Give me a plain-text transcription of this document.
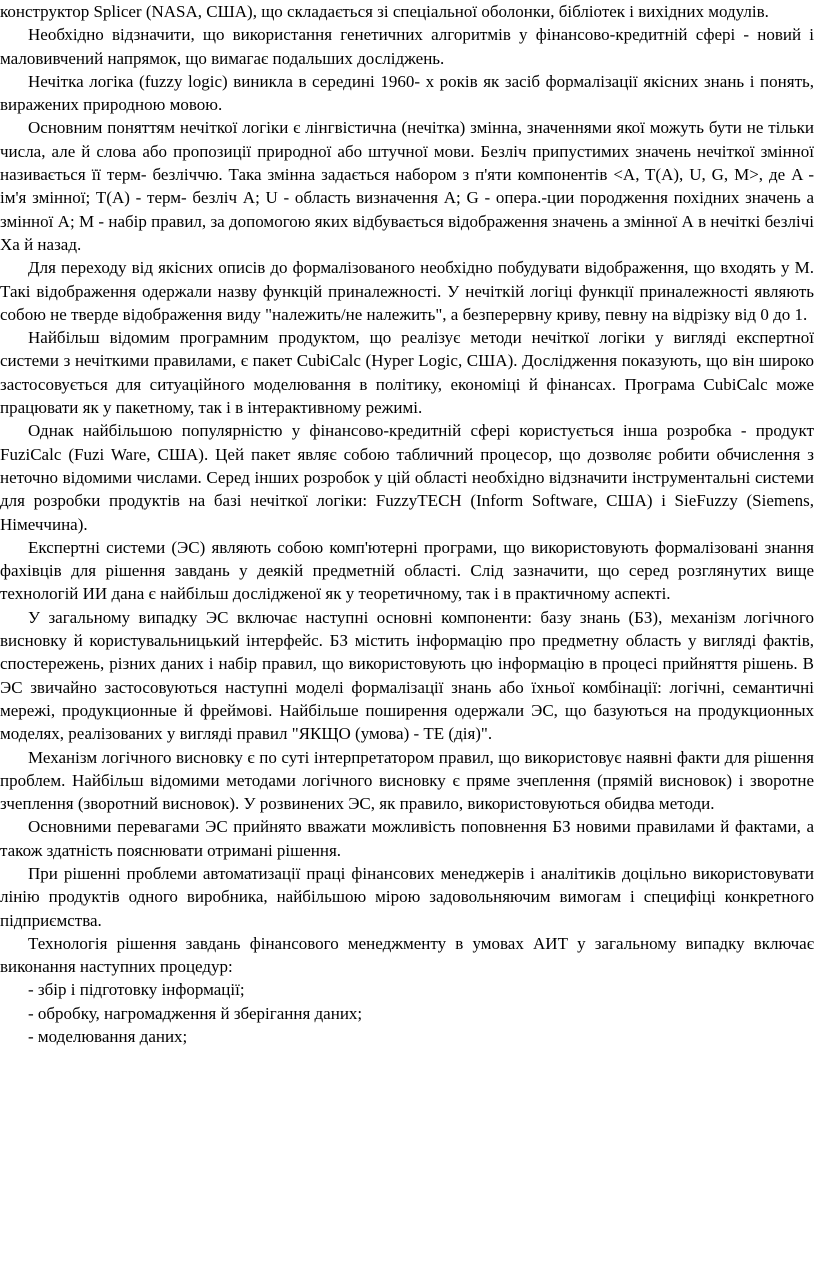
конструктор Splicer (NASA, США), що складається зі спеціальної оболонки, бібліотек і вихідних модулів.

Необхідно відзначити, що використання генетичних алгоритмів у фінансово-кредитній сфері - новий і маловивчений напрямок, що вимагає подальших досліджень.

Нечітка логіка (fuzzy logic) виникла в середині 1960- х років як засіб формалізації якісних знань і понять, виражених природною мовою.

Основним поняттям нечіткої логіки є лінгвістична (нечітка) змінна, значеннями якої можуть бути не тільки числа, але й слова або пропозиції природної або штучної мови. Безліч припустимих значень нечіткої змінної називається її терм- безліччю. Така змінна задається набором з п'яти компонентів <A, T(A), U, G, M>, де A - ім'я змінної; T(A) - терм- безліч A; U - область визначення A; G - опера.-ции породження похідних значень а змінної А; М - набір правил, за допомогою яких відбувається відображення значень а змінної А в нечіткі безлічі Ха й назад.

Для переходу від якісних описів до формалізованого необхідно побудувати відображення, що входять у М. Такі відображення одержали назву функцій приналежності. У нечіткій логіці функції приналежності являють собою не тверде відображення виду "належить/не належить", а безперервну криву, певну на відрізку від 0 до 1.

Найбільш відомим програмним продуктом, що реалізує методи нечіткої логіки у вигляді експертної системи з нечіткими правилами, є пакет CubiCalc (Hyper Logic, США). Дослідження показують, що він широко застосовується для ситуаційного моделювання в політику, економіці й фінансах. Програма CubiCalc може працювати як у пакетному, так і в інтерактивному режимі.

Однак найбільшою популярністю у фінансово-кредитній сфері користується інша розробка - продукт FuziCalc (Fuzi Ware, США). Цей пакет являє собою табличний процесор, що дозволяє робити обчислення з неточно відомими числами. Серед інших розробок у цій області необхідно відзначити інструментальні системи для розробки продуктів на базі нечіткої логіки: FuzzyTECH (Inform Software, США) і SieFuzzy (Siemens, Німеччина).

Експертні системи (ЭС) являють собою комп'ютерні програми, що використовують формалізовані знання фахівців для рішення завдань у деякій предметній області. Слід зазначити, що серед розглянутих вище технологій ИИ дана є найбільш дослідженої як у теоретичному, так і в практичному аспекті.

У загальному випадку ЭС включає наступні основні компоненти: базу знань (БЗ), механізм логічного висновку й користувальницький інтерфейс. БЗ містить інформацію про предметну область у вигляді фактів, спостережень, різних даних і набір правил, що використовують цю інформацію в процесі прийняття рішень. В ЭС звичайно застосовуються наступні моделі формалізації знань або їхньої комбінації: логічні, семантичні мережі, продукционные й фреймові. Найбільше поширення одержали ЭС, що базуються на продукционных моделях, реалізованих у вигляді правил "ЯКЩО (умова) - ТЕ (дія)".

Механізм логічного висновку є по суті інтерпретатором правил, що використовує наявні факти для рішення проблем. Найбільш відомими методами логічного висновку є пряме зчеплення (прямій висновок) і зворотне зчеплення (зворотний висновок). У розвинених ЭС, як правило, використовуються обидва методи.

Основними перевагами ЭС прийнято вважати можливість поповнення БЗ новими правилами й фактами, а також здатність пояснювати отримані рішення.

При рішенні проблеми автоматизації праці фінансових менеджерів і аналітиків доцільно використовувати лінію продуктів одного виробника, найбільшою мірою задовольняючим вимогам і специфіці конкретного підприємства.

Технологія рішення завдань фінансового менеджменту в умовах АИТ у загальному випадку включає виконання наступних процедур:

- збір і підготовку інформації;

- обробку, нагромадження й зберігання даних;

- моделювання даних;
